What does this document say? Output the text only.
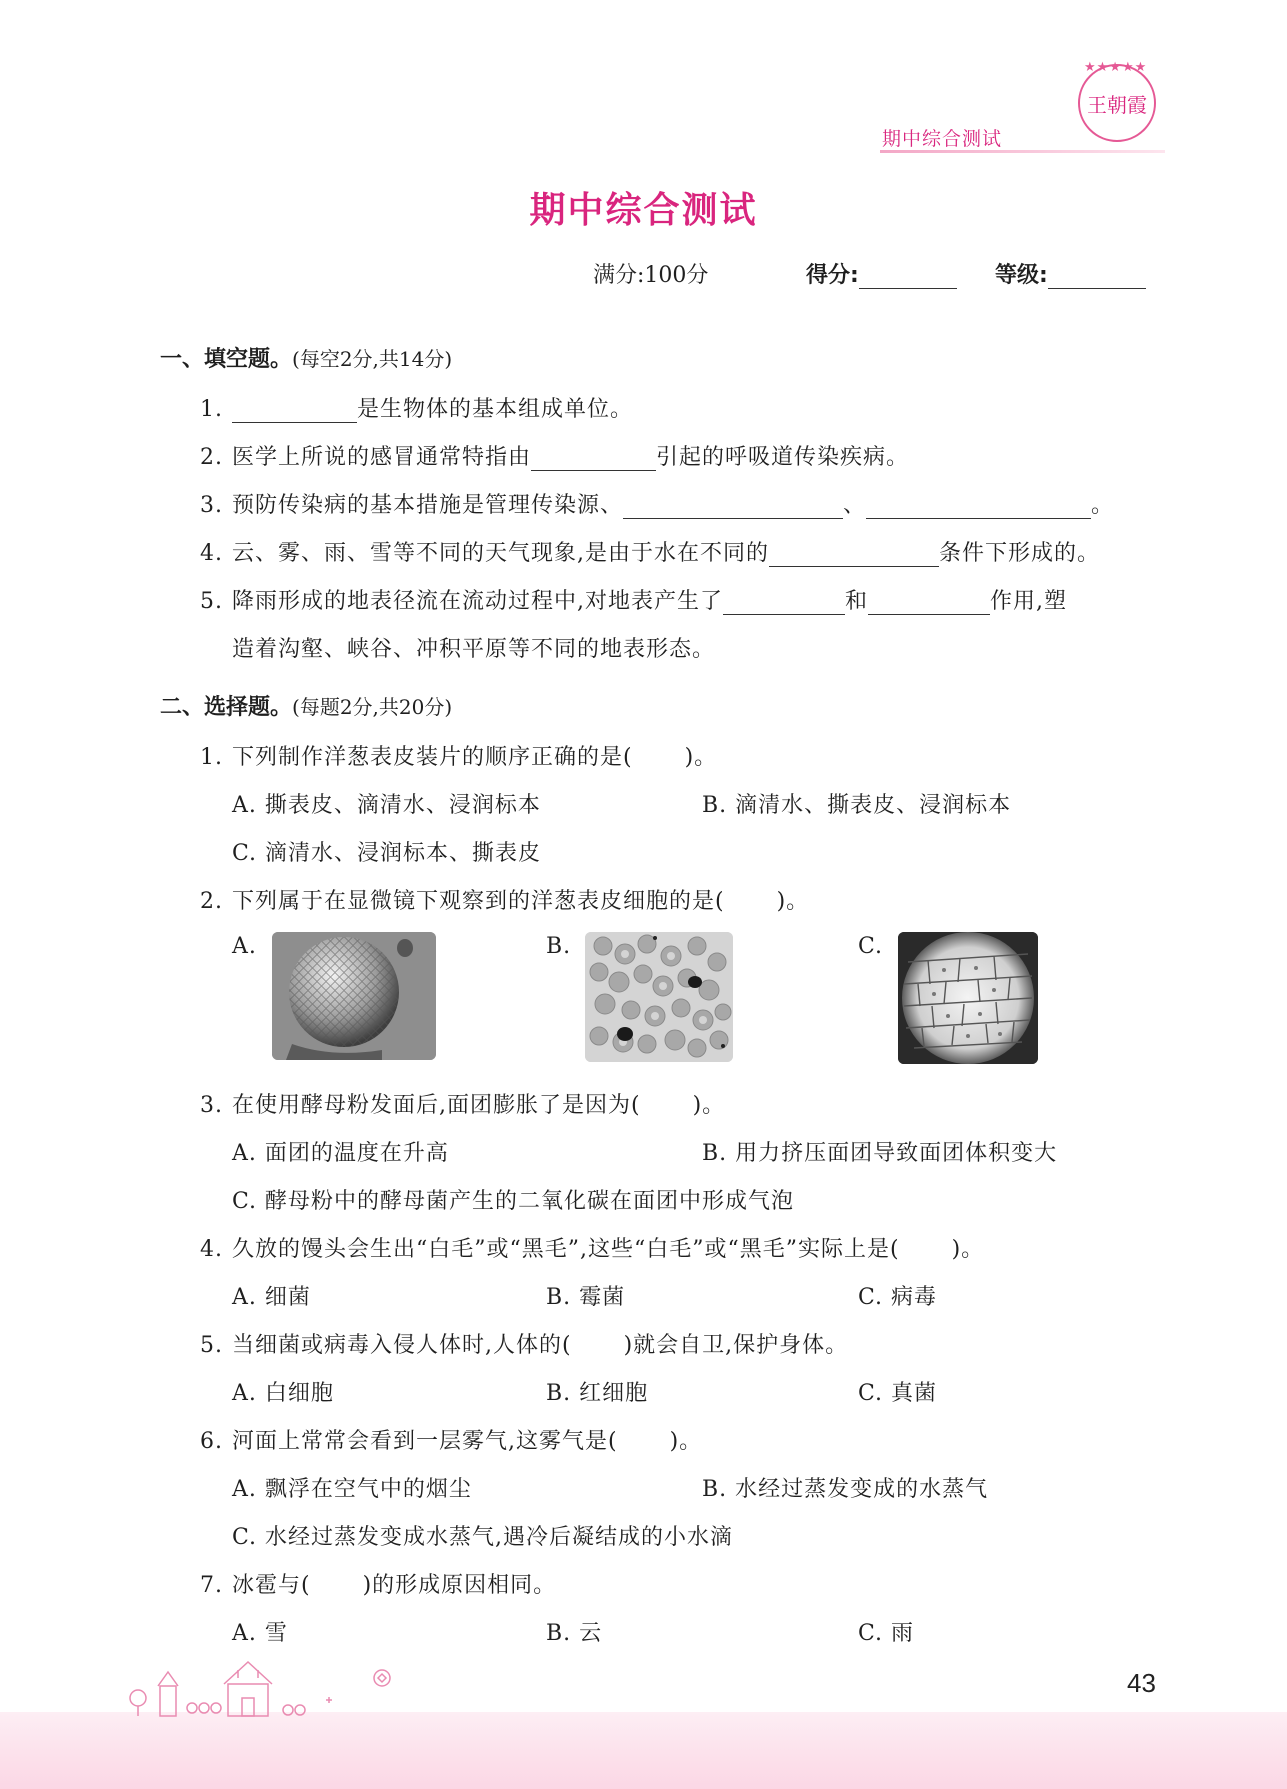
★★★★★
王朝霞
期中综合测试
期中综合测试
满分:100分	得分:	等级:
一、填空题。(每空2分,共14分)
1.	是生物体的基本组成单位。
2. 医学上所说的感冒通常特指由	引起的呼吸道传染疾病。
3. 预防传染病的基本措施是管理传染源、	、	。
4. 云、雾、雨、雪等不同的天气现象,是由于水在不同的	条件下形成的。
5. 降雨形成的地表径流在流动过程中,对地表产生了	和	作用,塑
造着沟壑、峡谷、冲积平原等不同的地表形态。
二、选择题。(每题2分,共20分)
1. 下列制作洋葱表皮装片的顺序正确的是( )。
A. 撕表皮、滴清水、浸润标本	B. 滴清水、撕表皮、浸润标本
C. 滴清水、浸润标本、撕表皮
2. 下列属于在显微镜下观察到的洋葱表皮细胞的是( )。
A.	B.	C.
3. 在使用酵母粉发面后,面团膨胀了是因为( )。
A. 面团的温度在升高	B. 用力挤压面团导致面团体积变大
C. 酵母粉中的酵母菌产生的二氧化碳在面团中形成气泡
4. 久放的馒头会生出“白毛”或“黑毛”,这些“白毛”或“黑毛”实际上是( )。
A. 细菌	B. 霉菌	C. 病毒
5. 当细菌或病毒入侵人体时,人体的( )就会自卫,保护身体。
A. 白细胞	B. 红细胞	C. 真菌
6. 河面上常常会看到一层雾气,这雾气是( )。
A. 飘浮在空气中的烟尘	B. 水经过蒸发变成的水蒸气
C. 水经过蒸发变成水蒸气,遇冷后凝结成的小水滴
7. 冰雹与( )的形成原因相同。
A. 雪	B. 云	C. 雨
43
